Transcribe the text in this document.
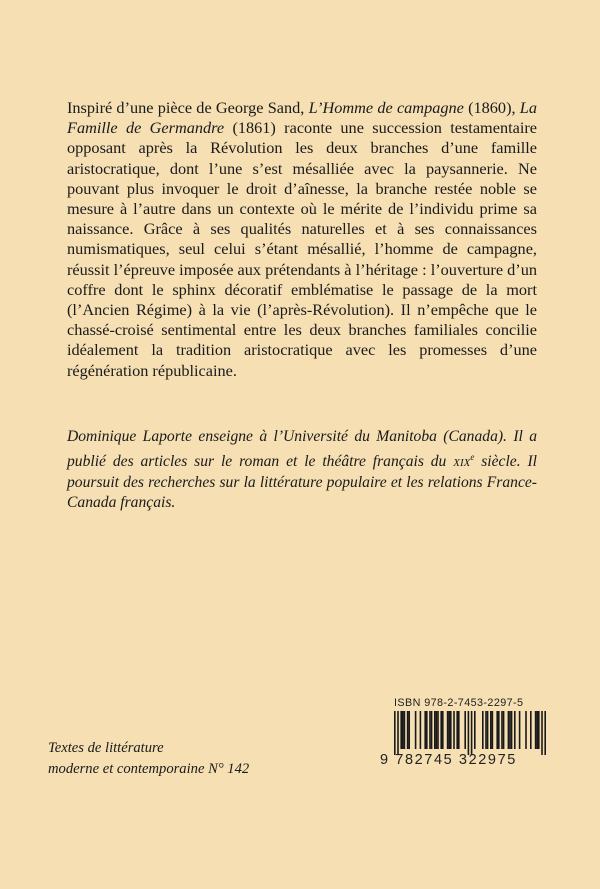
Inspiré d’une pièce de George Sand, L’Homme de campagne (1860), La Famille de Germandre (1861) raconte une succession testamentaire opposant après la Révolution les deux branches d’une famille aristocratique, dont l’une s’est mésalliée avec la paysannerie. Ne pouvant plus invoquer le droit d’aînesse, la branche restée noble se mesure à l’autre dans un contexte où le mérite de l’individu prime sa naissance. Grâce à ses qualités naturelles et à ses connaissances numismatiques, seul celui s’étant mésallié, l’homme de campagne, réussit l’épreuve imposée aux prétendants à l’héritage : l’ouverture d’un coffre dont le sphinx décoratif emblématise le passage de la mort (l’Ancien Régime) à la vie (l’après-Révolution). Il n’empêche que le chassé-croisé sentimental entre les deux branches familiales concilie idéalement la tradition aristocratique avec les promesses d’une régénération républicaine.

Dominique Laporte enseigne à l’Université du Manitoba (Canada). Il a publié des articles sur le roman et le théâtre français du xix$^e$ siècle. Il poursuit des recherches sur la littérature populaire et les relations France-Canada français.
Textes de littérature
moderne et contemporaine N° 142
ISBN 978-2-7453-2297-5
9 782745 322975
